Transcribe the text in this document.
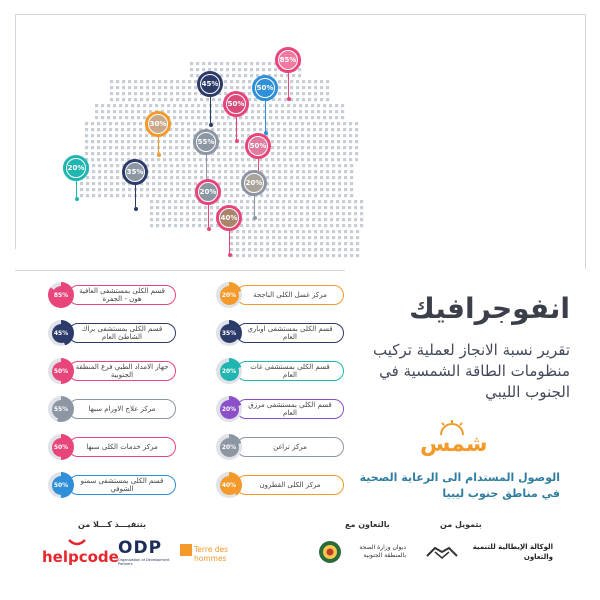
85%
45%
50%
50%
30%
55%	50%
20%	35%
20%
20%
40%
انفوجرافيك
تقرير نسبة الانجاز لعملية تركيب منظومات الطاقة الشمسية في الجنوب الليبي
شمس
الوصول المستدام الى الرعاية الصحية في مناطق جنوب ليبيا
مركز غسل الكلى الناجحة
20%
قسم الكلى بمستشفى اوباري العام
35%
قسم الكلى بمستشفى غات العام
20%
قسم الكلى بمستشفى مرزق العام
20%
مركز تراغن
20%
مركز الكلى القطرون
40%
قسم الكلى بمستشفى العافية هون - الجفرة
85%
قسم الكلى بمستشفى براك الشاطئ العام
45%
جهاز الامداد الطبي فرع المنطقة الجنوبية
50%
مركز علاج الاورام سبها
55%
مركز خدمات الكلى سبها
50%
قسم الكلى بمستشفى سمنو الشوفي
50%
بتنفيـــذ كـــلا من	بالتعاون مع	بتمويل من
helpcode ODP
Organization of Development Partners
Terre des hommes
ديوان وزارة الصحة بالمنطقة الجنوبية
الوكالة الإيطالية للتنمية والتعاون
